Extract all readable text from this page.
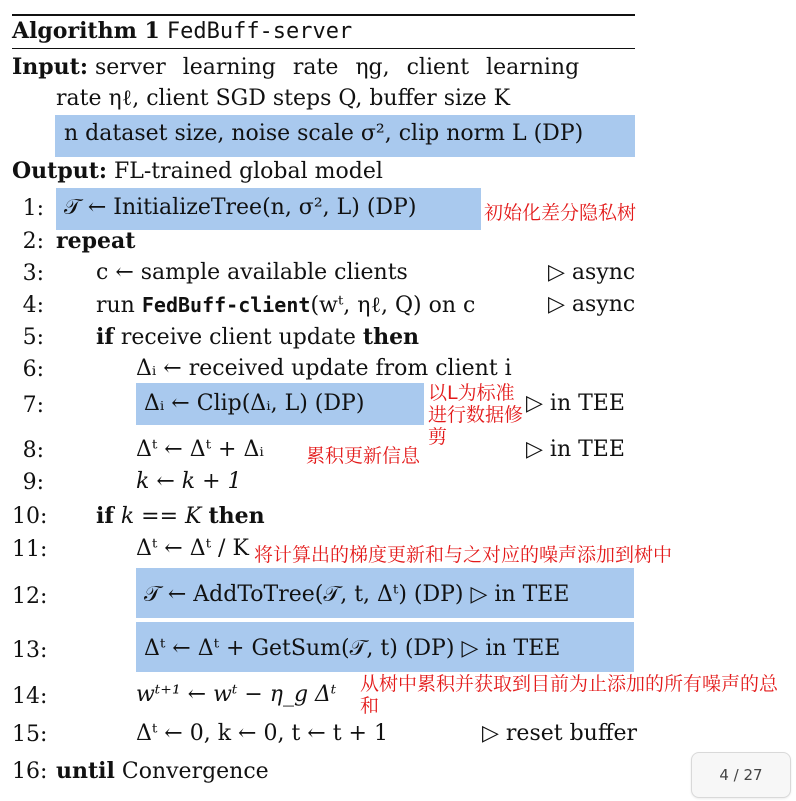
Algorithm 1 FedBuff-server
Input: server learning rate ηg, client learning
rate ηℓ, client SGD steps Q, buffer size K
n dataset size, noise scale σ², clip norm L (DP)
Output: FL-trained global model
1: 𝒯 ← InitializeTree(n, σ², L) (DP)	初始化差分隐私树
2: repeat
3: c ← sample available clients	▷ async
4: run FedBuff-client(wᵗ, ηℓ, Q) on c	▷ async
5: if receive client update then
6:	Δᵢ ← received update from client i
7:	Δᵢ ← Clip(Δᵢ, L) (DP)	以L为标准进行数据修剪
▷ in TEE
8:	Δᵗ ← Δᵗ + Δᵢ 累积更新信息	▷ in TEE
9:	k ← k + 1
10: if k == K then
11:	Δᵗ ← Δᵗ / K 将计算出的梯度更新和与之对应的噪声添加到树中
12:	𝒯 ← AddToTree(𝒯, t, Δᵗ) (DP) ▷ in TEE
13:	Δᵗ ← Δᵗ + GetSum(𝒯, t) (DP) ▷ in TEE
14:	wᵗ⁺¹ ← wᵗ − η_g Δᵗ 从树中累积并获取到目前为止添加的所有噪声的总和
15:	Δᵗ ← 0, k ← 0, t ← t + 1	▷ reset buffer
16: until Convergence	4 / 27
